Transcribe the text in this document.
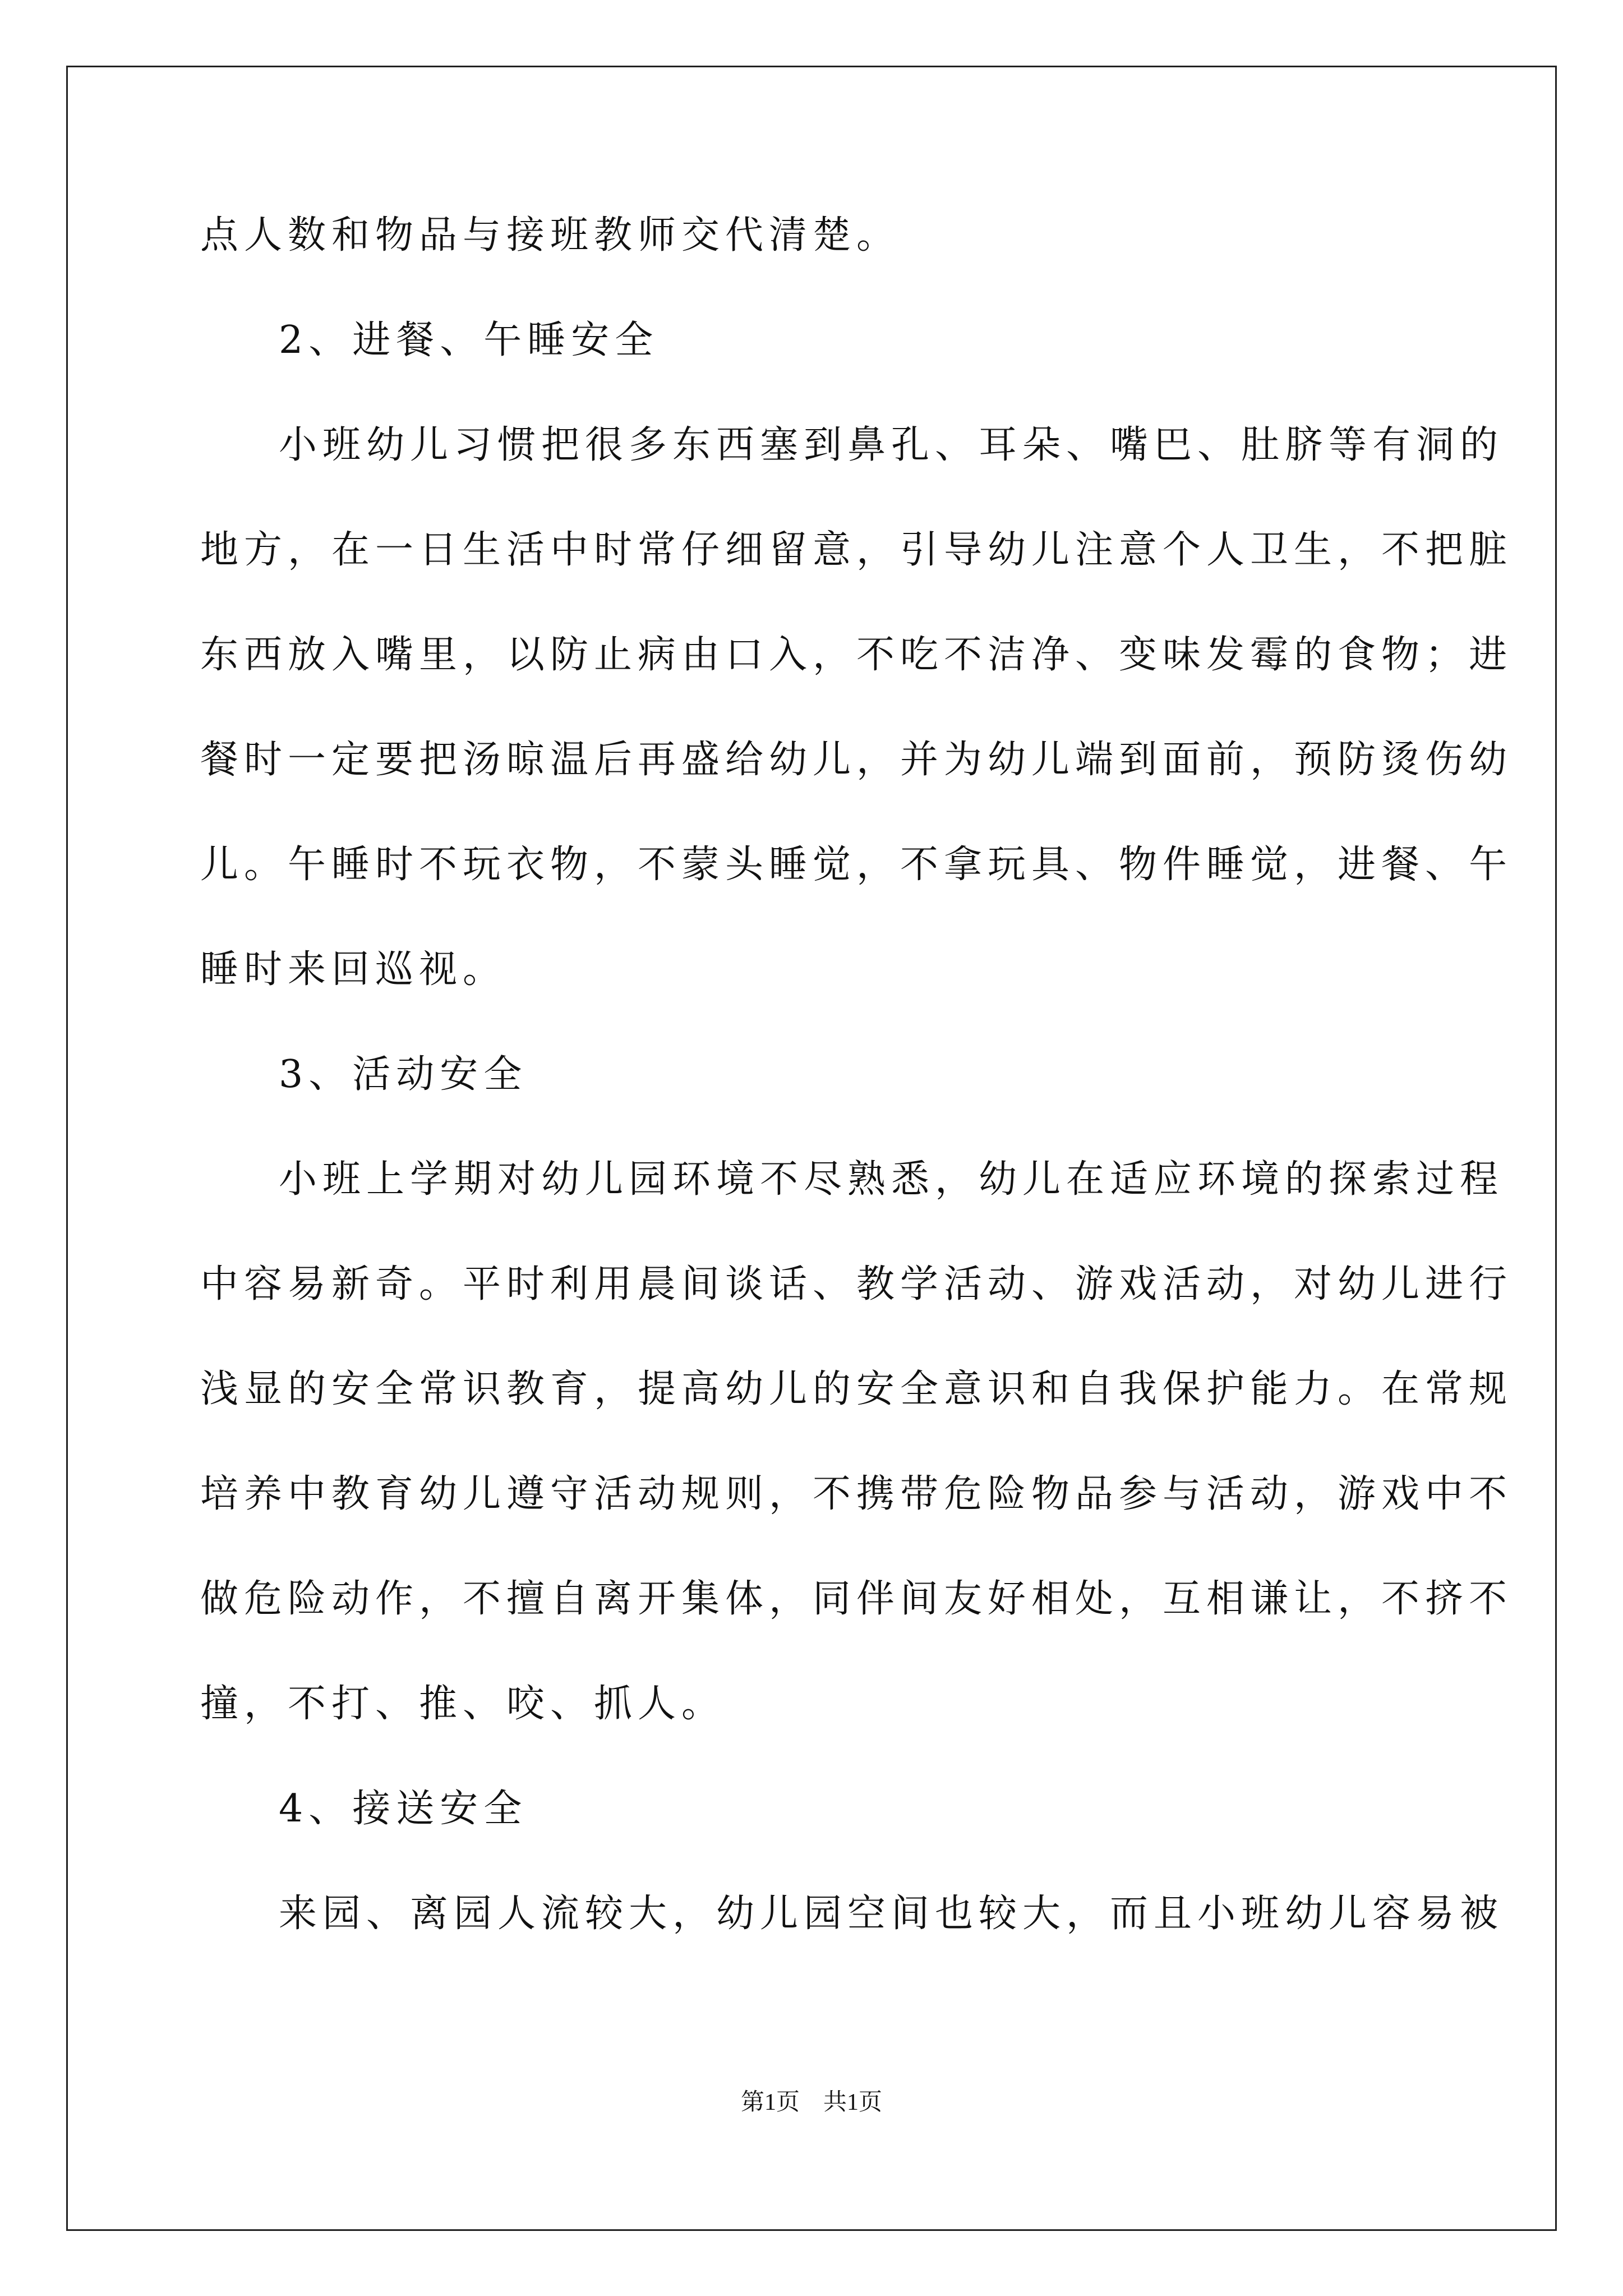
点人数和物品与接班教师交代清楚。
2、进餐、午睡安全
小班幼儿习惯把很多东西塞到鼻孔、耳朵、嘴巴、肚脐等有洞的
地方，在一日生活中时常仔细留意，引导幼儿注意个人卫生，不把脏
东西放入嘴里，以防止病由口入，不吃不洁净、变味发霉的食物；进
餐时一定要把汤晾温后再盛给幼儿，并为幼儿端到面前，预防烫伤幼
儿。午睡时不玩衣物，不蒙头睡觉，不拿玩具、物件睡觉，进餐、午
睡时来回巡视。
3、活动安全
小班上学期对幼儿园环境不尽熟悉，幼儿在适应环境的探索过程
中容易新奇。平时利用晨间谈话、教学活动、游戏活动，对幼儿进行
浅显的安全常识教育，提高幼儿的安全意识和自我保护能力。在常规
培养中教育幼儿遵守活动规则，不携带危险物品参与活动，游戏中不
做危险动作，不擅自离开集体，同伴间友好相处，互相谦让，不挤不
撞，不打、推、咬、抓人。
4、接送安全
来园、离园人流较大，幼儿园空间也较大，而且小班幼儿容易被
第1页　共1页
